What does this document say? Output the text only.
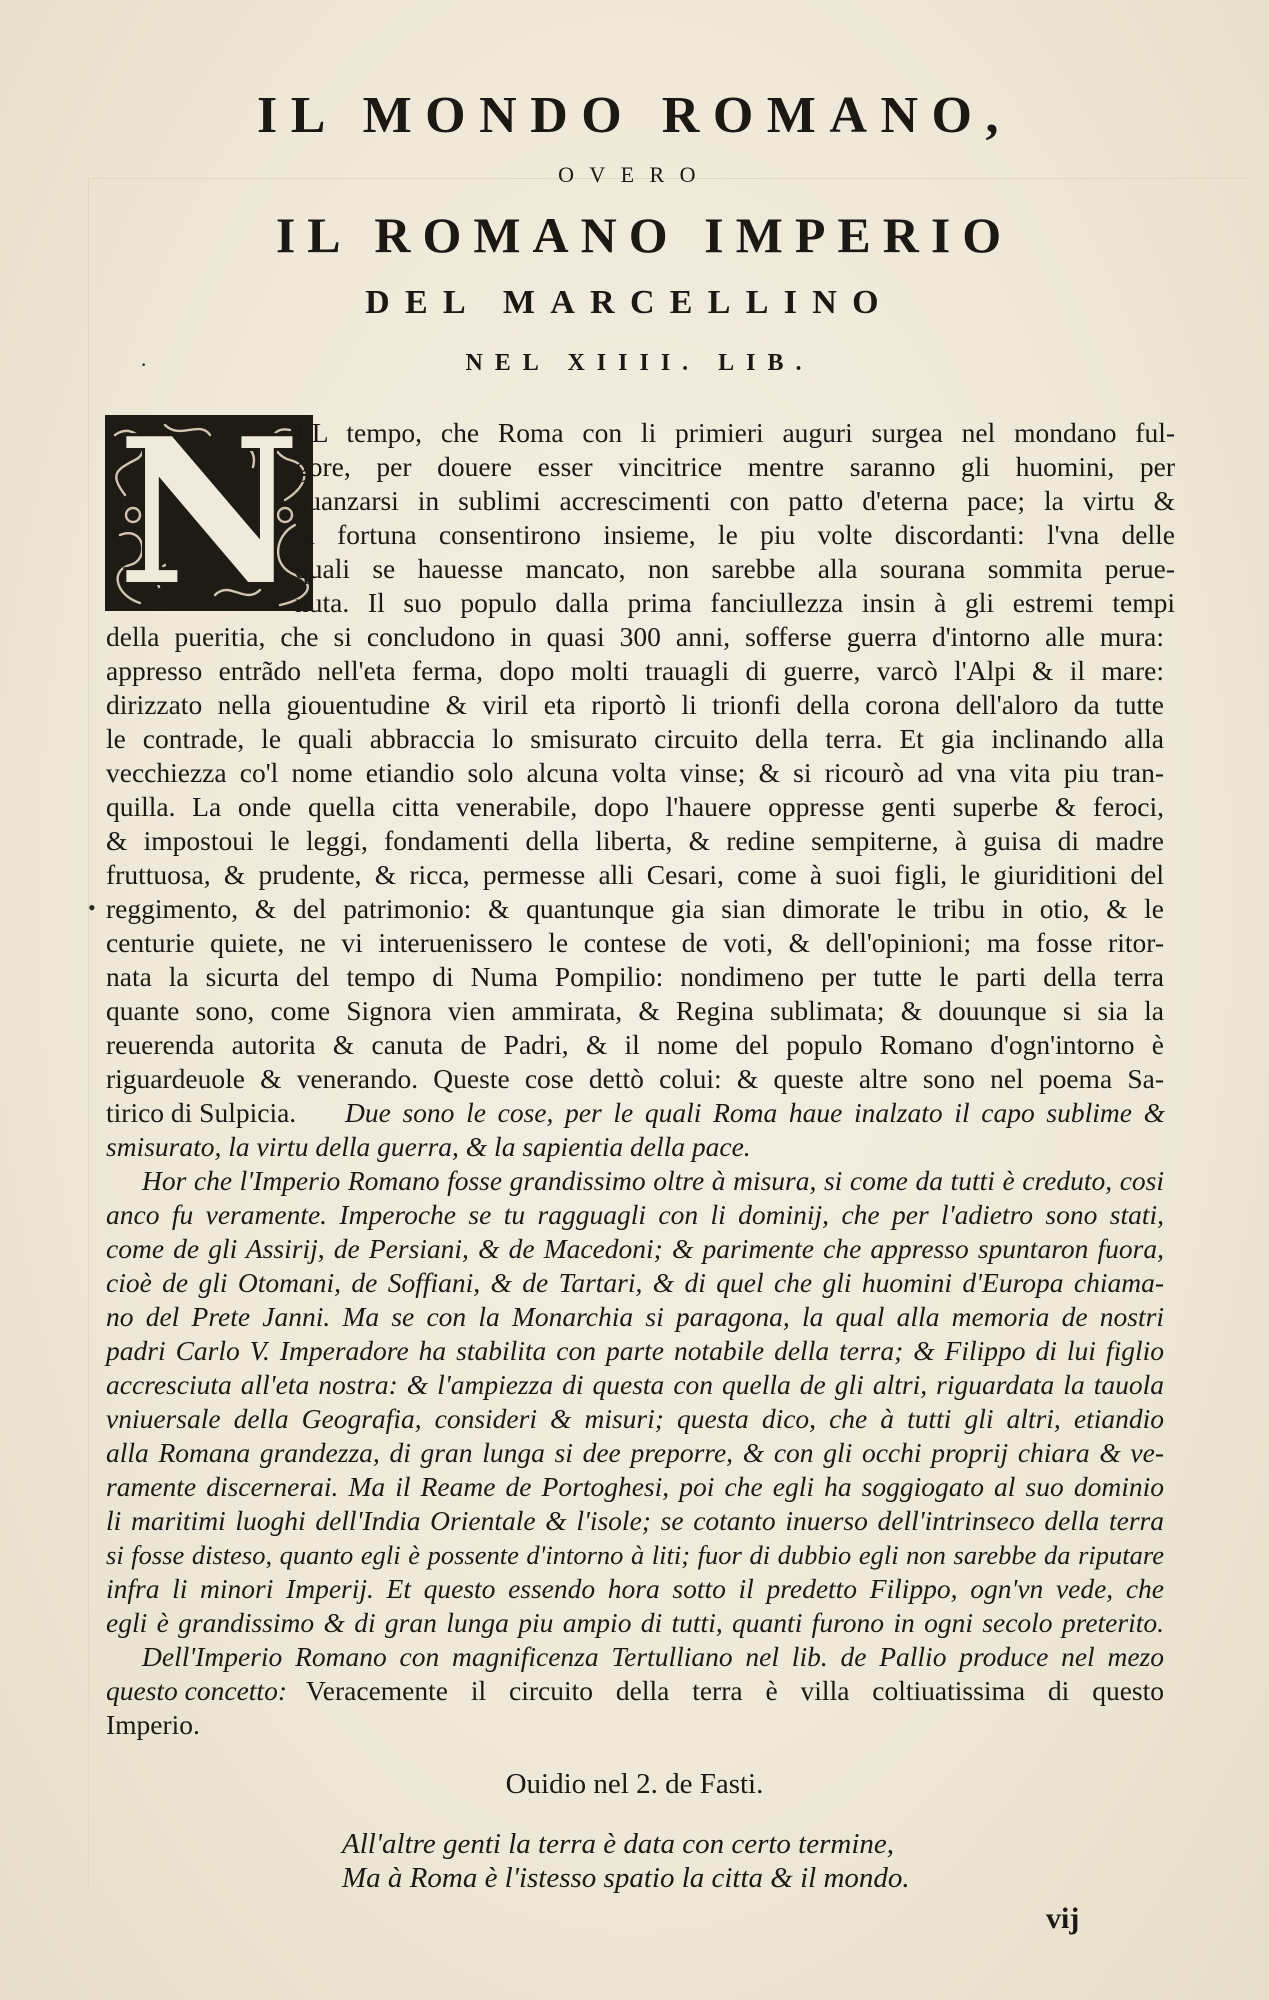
IL MONDO ROMANO,
OVERO
IL ROMANO IMPERIO
DEL MARCELLINO
NEL XIIII. LIB.
·
•
N
EL tempo, che Roma con li primieri auguri surgea nel mondano ful-
gore, per douere esser vincitrice mentre saranno gli huomini, per
auanzarsi in sublimi accrescimenti con patto d'eterna pace; la virtu &
la fortuna consentirono insieme, le piu volte discordanti: l'vna delle
quali se hauesse mancato, non sarebbe alla sourana sommita perue-
nuta. Il suo populo dalla prima fanciullezza insin à gli estremi tempi
della pueritia, che si concludono in quasi 300 anni, sofferse guerra d'intorno alle mura:
appresso entrãdo nell'eta ferma, dopo molti trauagli di guerre, varcò l'Alpi & il mare:
dirizzato nella giouentudine & viril eta riportò li trionfi della corona dell'aloro da tutte
le contrade, le quali abbraccia lo smisurato circuito della terra. Et gia inclinando alla
vecchiezza co'l nome etiandio solo alcuna volta vinse; & si ricourò ad vna vita piu tran-
quilla. La onde quella citta venerabile, dopo l'hauere oppresse genti superbe & feroci,
& impostoui le leggi, fondamenti della liberta, & redine sempiterne, à guisa di madre
fruttuosa, & prudente, & ricca, permesse alli Cesari, come à suoi figli, le giuriditioni del
reggimento, & del patrimonio: & quantunque gia sian dimorate le tribu in otio, & le
centurie quiete, ne vi interuenissero le contese de voti, & dell'opinioni; ma fosse ritor-
nata la sicurta del tempo di Numa Pompilio: nondimeno per tutte le parti della terra
quante sono, come Signora vien ammirata, & Regina sublimata; & douunque si sia la
reuerenda autorita & canuta de Padri, & il nome del populo Romano d'ogn'intorno è
riguardeuole & venerando. Queste cose dettò colui: & queste altre sono nel poema Sa-
tirico di Sulpicia. Due sono le cose, per le quali Roma haue inalzato il capo sublime &
smisurato, la virtu della guerra, & la sapientia della pace.
Hor che l'Imperio Romano fosse grandissimo oltre à misura, si come da tutti è creduto, cosi
anco fu veramente. Imperoche se tu ragguagli con li dominij, che per l'adietro sono stati,
come de gli Assirij, de Persiani, & de Macedoni; & parimente che appresso spuntaron fuora,
cioè de gli Otomani, de Soffiani, & de Tartari, & di quel che gli huomini d'Europa chiama-
no del Prete Janni. Ma se con la Monarchia si paragona, la qual alla memoria de nostri
padri Carlo V. Imperadore ha stabilita con parte notabile della terra; & Filippo di lui figlio
accresciuta all'eta nostra: & l'ampiezza di questa con quella de gli altri, riguardata la tauola
vniuersale della Geografia, consideri & misuri; questa dico, che à tutti gli altri, etiandio
alla Romana grandezza, di gran lunga si dee preporre, & con gli occhi proprij chiara & ve-
ramente discernerai. Ma il Reame de Portoghesi, poi che egli ha soggiogato al suo dominio
li maritimi luoghi dell'India Orientale & l'isole; se cotanto inuerso dell'intrinseco della terra
si fosse disteso, quanto egli è possente d'intorno à liti; fuor di dubbio egli non sarebbe da riputare
infra li minori Imperij. Et questo essendo hora sotto il predetto Filippo, ogn'vn vede, che
egli è grandissimo & di gran lunga piu ampio di tutti, quanti furono in ogni secolo preterito.
Dell'Imperio Romano con magnificenza Tertulliano nel lib. de Pallio produce nel mezo
questo concetto: Veracemente il circuito della terra è villa coltiuatissima di questo
Imperio.
Ouidio nel 2. de Fasti.
All'altre genti la terra è data con certo termine,
Ma à Roma è l'istesso spatio la citta & il mondo.
vij
